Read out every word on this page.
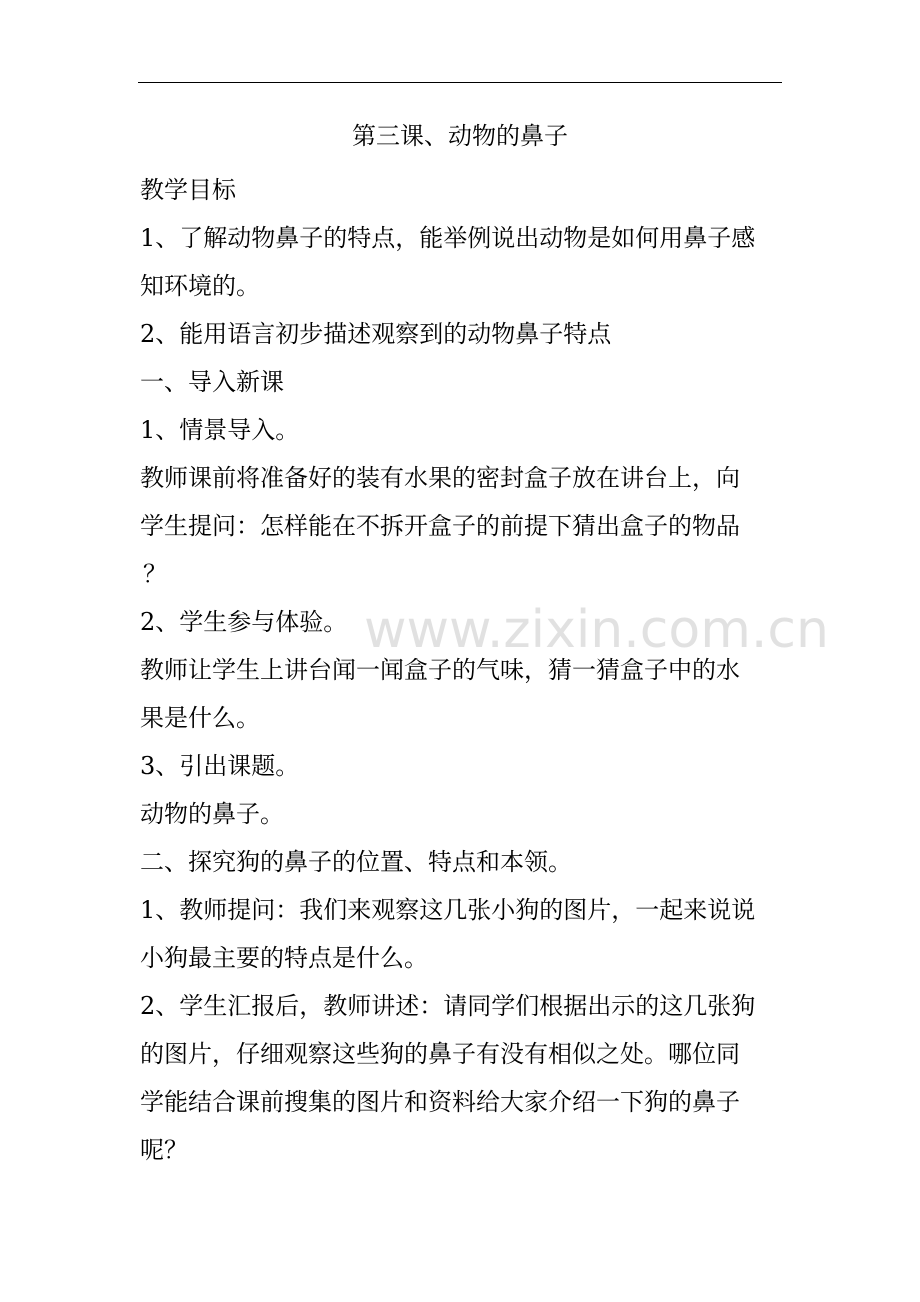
第三课、动物的鼻子
教学目标
1、了解动物鼻子的特点，能举例说出动物是如何用鼻子感
知环境的。
2、能用语言初步描述观察到的动物鼻子特点
一、导入新课
1、情景导入。
教师课前将准备好的装有水果的密封盒子放在讲台上，向
学生提问：怎样能在不拆开盒子的前提下猜出盒子的物品
？
2、学生参与体验。
教师让学生上讲台闻一闻盒子的气味，猜一猜盒子中的水
果是什么。
3、引出课题。
动物的鼻子。
二、探究狗的鼻子的位置、特点和本领。
1、教师提问：我们来观察这几张小狗的图片，一起来说说
小狗最主要的特点是什么。
2、学生汇报后，教师讲述：请同学们根据出示的这几张狗
的图片，仔细观察这些狗的鼻子有没有相似之处。哪位同
学能结合课前搜集的图片和资料给大家介绍一下狗的鼻子
呢？
www.zixin.com.cn
